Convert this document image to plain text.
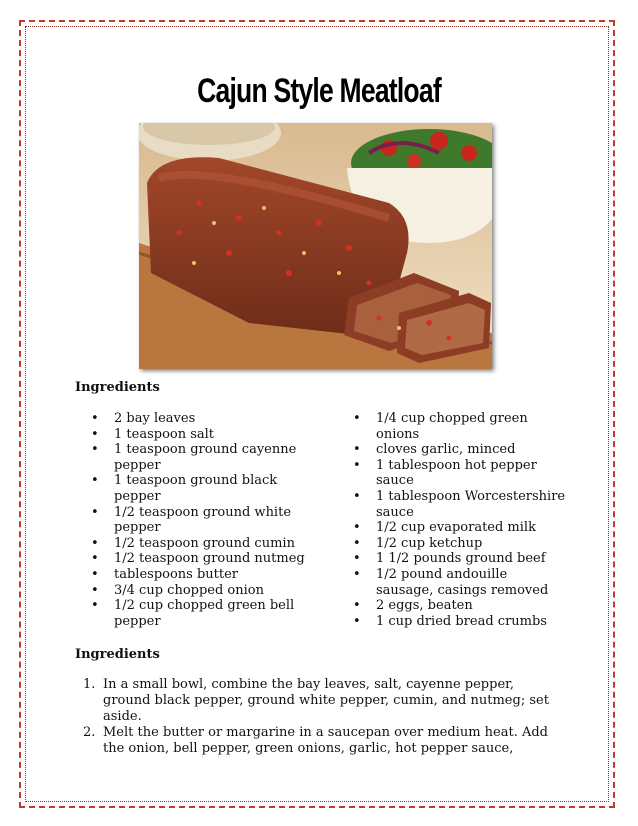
Cajun Style Meatloaf
Ingredients
• 2 bay leaves
• 1 teaspoon salt
• 1 teaspoon ground cayenne pepper
• 1 teaspoon ground black pepper
• 1/2 teaspoon ground white pepper
• 1/2 teaspoon ground cumin
• 1/2 teaspoon ground nutmeg
• tablespoons butter
• 3/4 cup chopped onion
• 1/2 cup chopped green bell pepper
• 1/4 cup chopped green onions
• cloves garlic, minced
• 1 tablespoon hot pepper sauce
• 1 tablespoon Worcestershire sauce
• 1/2 cup evaporated milk
• 1/2 cup ketchup
• 1 1/2 pounds ground beef
• 1/2 pound andouille sausage, casings removed
• 2 eggs, beaten
• 1 cup dried bread crumbs
Ingredients
1. In a small bowl, combine the bay leaves, salt, cayenne pepper, ground black pepper, ground white pepper, cumin, and nutmeg; set aside.
2. Melt the butter or margarine in a saucepan over medium heat. Add the onion, bell pepper, green onions, garlic, hot pepper sauce,
